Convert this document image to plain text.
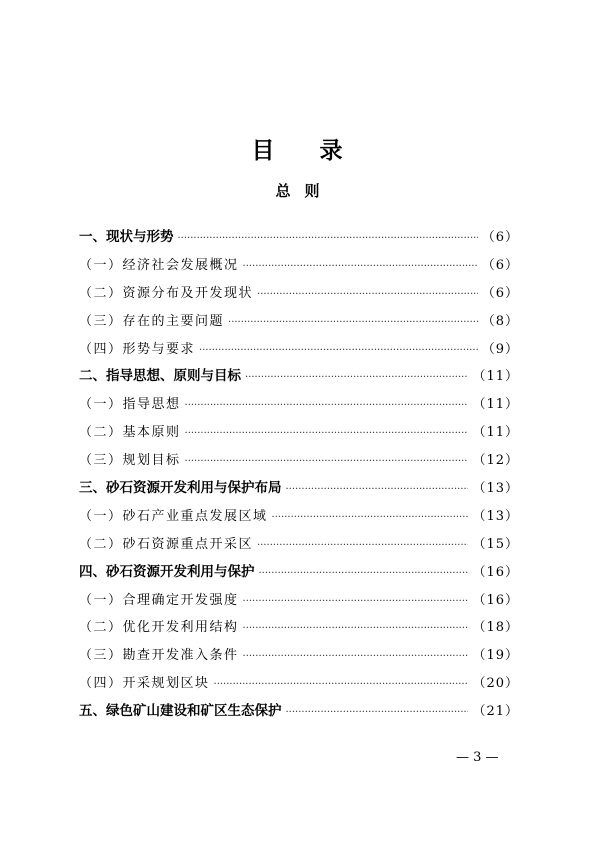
目 录
总 则
一、现状与形势 ·····	（6）
（一）经济社会发展概况 ·····	（6）
（二）资源分布及开发现状 ·····	（6）
（三）存在的主要问题 ·····	（8）
（四）形势与要求 ·····	（9）
二、指导思想、原则与目标 ·····	（11）
（一）指导思想 ·····	（11）
（二）基本原则 ·····	（11）
（三）规划目标 ·····	（12）
三、砂石资源开发利用与保护布局 ·····	（13）
（一）砂石产业重点发展区域 ·····	（13）
（二）砂石资源重点开采区 ·····	（15）
四、砂石资源开发利用与保护 ·····	（16）
（一）合理确定开发强度 ·····	（16）
（二）优化开发利用结构 ·····	（18）
（三）勘查开发准入条件 ·····	（19）
（四）开采规划区块 ·····	（20）
五、绿色矿山建设和矿区生态保护 ·····	（21）
— 3 —
